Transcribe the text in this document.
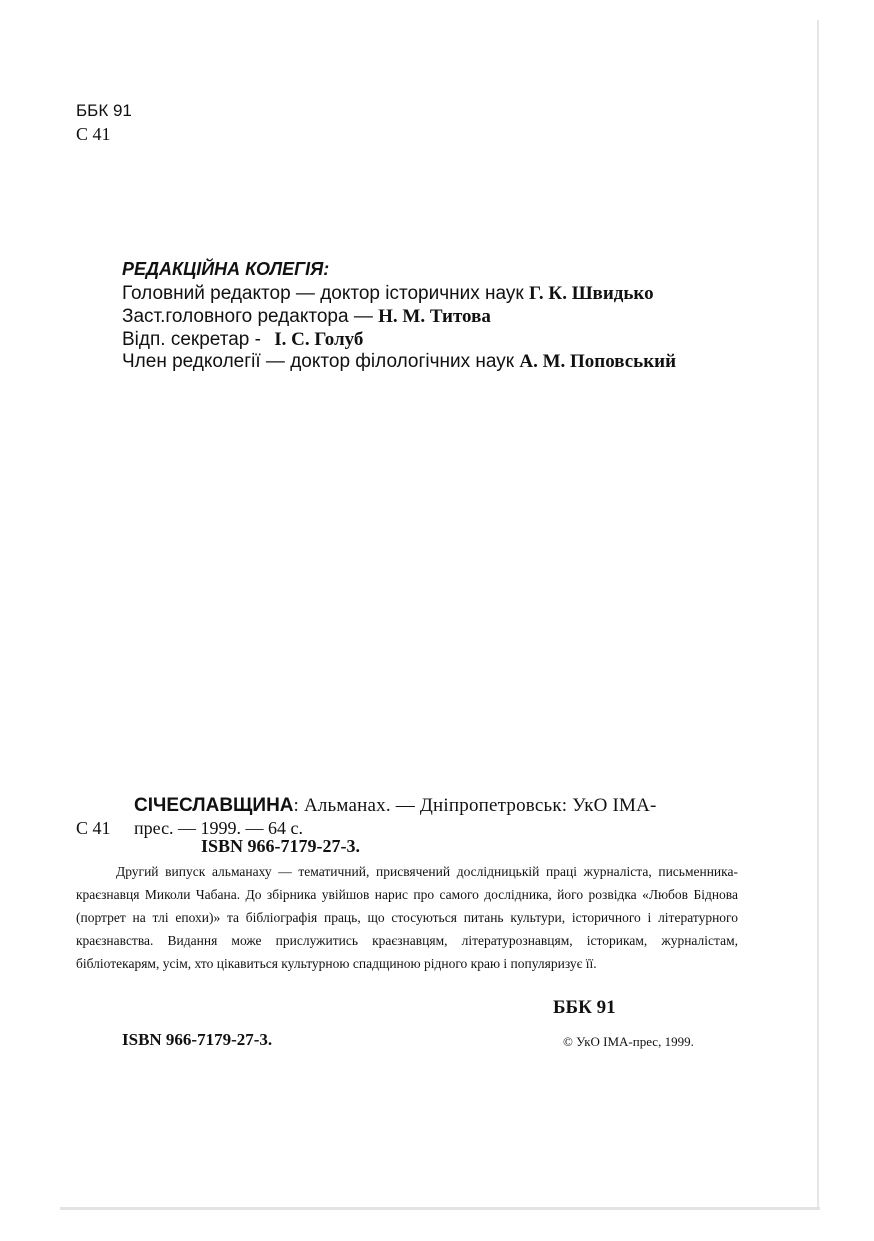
ББК 91
С 41
РЕДАКЦІЙНА КОЛЕГІЯ:
Головний редактор — доктор історичних наук Г. К. Швидько
Заст.головного редактора — Н. М. Титова
Відп. секретар - І. С. Голуб
Член редколегії — доктор філологічних наук А. М. Поповський
СІЧЕСЛАВЩИНА: Альманах. — Дніпропетровськ: УкО ІМА-
С 41 прес. — 1999. — 64 с.
ISBN 966-7179-27-3.

Другий випуск альманаху — тематичний, присвячений дослідницькій праці журналіста, письменника-краєзнавця Миколи Чабана. До збірника увійшов нарис про самого дослідника, його розвідка «Любов Біднова (портрет на тлі епохи)» та бібліографія праць, що стосуються питань культури, історичного і літературного краєзнавства. Видання може прислужитись краєзнавцям, літературознавцям, історикам, журналістам, бібліотекарям, усім, хто цікавиться культурною спадщиною рідного краю і популяризує її.

ББК 91
ISBN 966-7179-27-3.	© УкО ІМА-прес, 1999.
